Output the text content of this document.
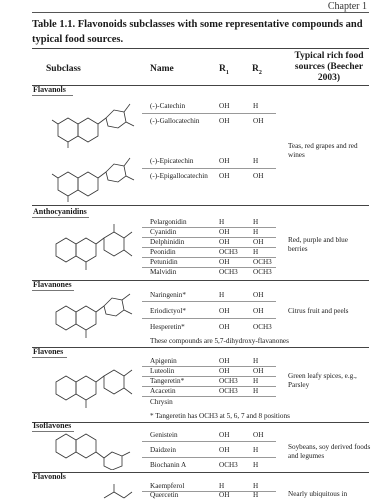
Chapter 1
Table 1.1. Flavonoids subclasses with some representative compounds and typical food sources.
Subclass	Name	$R_1$ $R_2$
Typical rich food sources (Beecher 2003)
Flavanols
(-)-Catechin	OH	H
(-)-Gallocatechin	OH	OH
(-)-Epicatechin	OH	H
(-)-Epigallocatechin OH	OH
Teas, red grapes and red wines
Anthocyanidins
Pelargonidin	H	H
Cyanidin	OH	H
Delphinidin	OH	OH
Peonidin	OCH3 H
Petunidin	OH	OCH3
Malvidin	OCH3 OCH3
Red, purple and blue berries
Flavanones
Naringenin*	H	OH
Eriodictyol*	OH	OH
Hesperetin*	OH	OCH3
Citrus fruit and peels
These compounds are 5,7-dihydroxy-flavanones
Flavones
Apigenin	OH	H
Luteolin	OH	OH
Tangeretin*	OCH3 H
Acacetin	OCH3 H
Chrysin
Green leafy spices, e.g., Parsley
* Tangeretin has OCH3 at 5, 6, 7 and 8 positions
Isoflavones
Genistein	OH	OH
Daidzein	OH	H
Biochanin A	OCH3 H
Soybeans, soy derived foods and legumes
Flavonols
Kaempferol	H	H
Quercetin	OH	H	Nearly ubiquitous in
